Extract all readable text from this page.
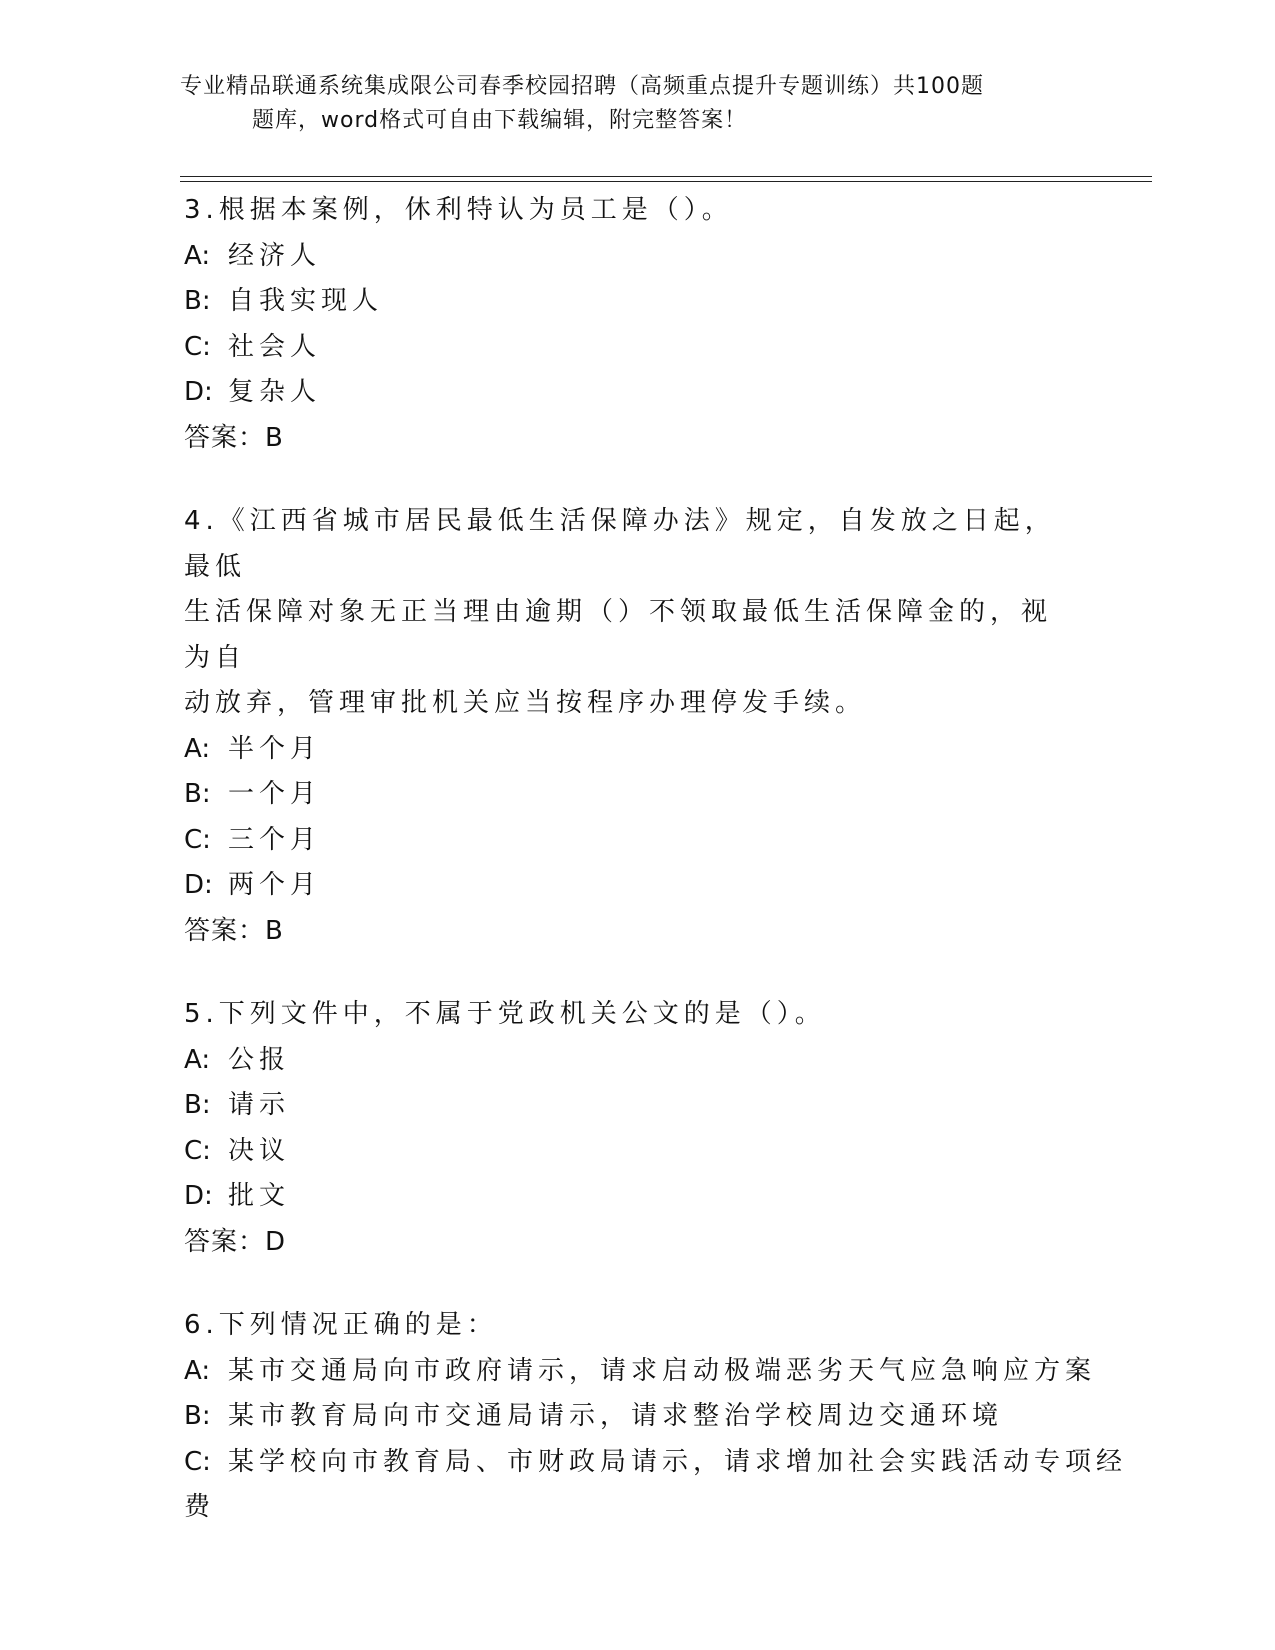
专业精品联通系统集成限公司春季校园招聘（高频重点提升专题训练）共100题
题库，word格式可自由下载编辑，附完整答案！
3.根据本案例，休利特认为员工是（）。
A: 经济人
B: 自我实现人
C: 社会人
D: 复杂人
答案：B
4.《江西省城市居民最低生活保障办法》规定，自发放之日起，最低
生活保障对象无正当理由逾期（）不领取最低生活保障金的，视为自
动放弃，管理审批机关应当按程序办理停发手续。
A: 半个月
B: 一个月
C: 三个月
D: 两个月
答案：B
5.下列文件中，不属于党政机关公文的是（）。
A: 公报
B: 请示
C: 决议
D: 批文
答案：D
6.下列情况正确的是：
A: 某市交通局向市政府请示，请求启动极端恶劣天气应急响应方案
B: 某市教育局向市交通局请示，请求整治学校周边交通环境
C: 某学校向市教育局、市财政局请示，请求增加社会实践活动专项经
费
